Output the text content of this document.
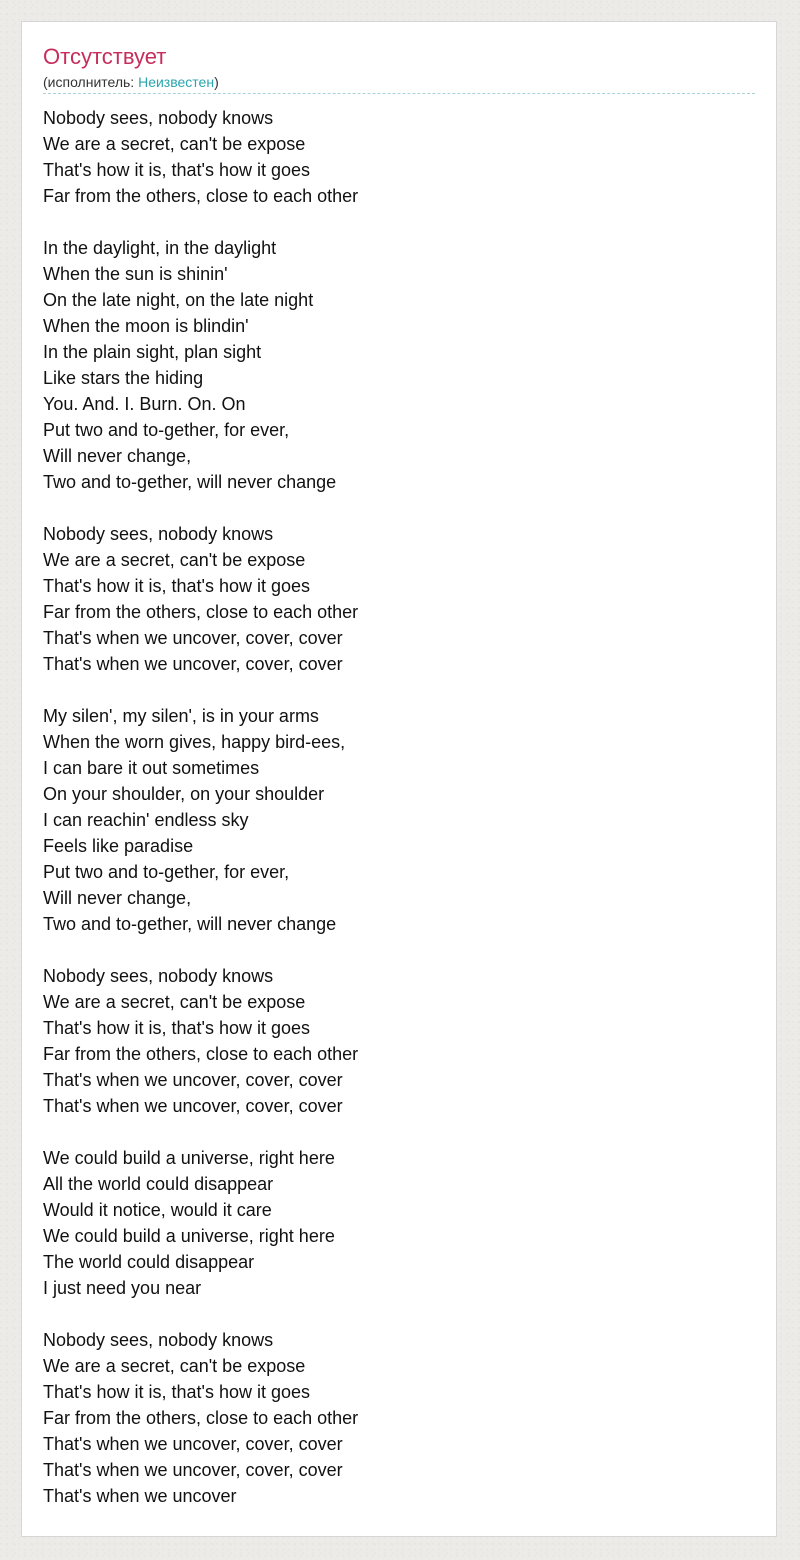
Отсутствует
(исполнитель: Неизвестен)
Nobody sees, nobody knows
We are a secret, can't be expose
That's how it is, that's how it goes
Far from the others, close to each other
In the daylight, in the daylight
When the sun is shinin'
On the late night, on the late night
When the moon is blindin'
In the plain sight, plan sight
Like stars the hiding
You. And. I. Burn. On. On
Put two and to-gether, for ever,
Will never change,
Two and to-gether, will never change
Nobody sees, nobody knows
We are a secret, can't be expose
That's how it is, that's how it goes
Far from the others, close to each other
That's when we uncover, cover, cover
That's when we uncover, cover, cover
My silen', my silen', is in your arms
When the worn gives, happy bird-ees,
I can bare it out sometimes
On your shoulder, on your shoulder
I can reachin' endless sky
Feels like paradise
Put two and to-gether, for ever,
Will never change,
Two and to-gether, will never change
Nobody sees, nobody knows
We are a secret, can't be expose
That's how it is, that's how it goes
Far from the others, close to each other
That's when we uncover, cover, cover
That's when we uncover, cover, cover
We could build a universe, right here
All the world could disappear
Would it notice, would it care
We could build a universe, right here
The world could disappear
I just need you near
Nobody sees, nobody knows
We are a secret, can't be expose
That's how it is, that's how it goes
Far from the others, close to each other
That's when we uncover, cover, cover
That's when we uncover, cover, cover
That's when we uncover
